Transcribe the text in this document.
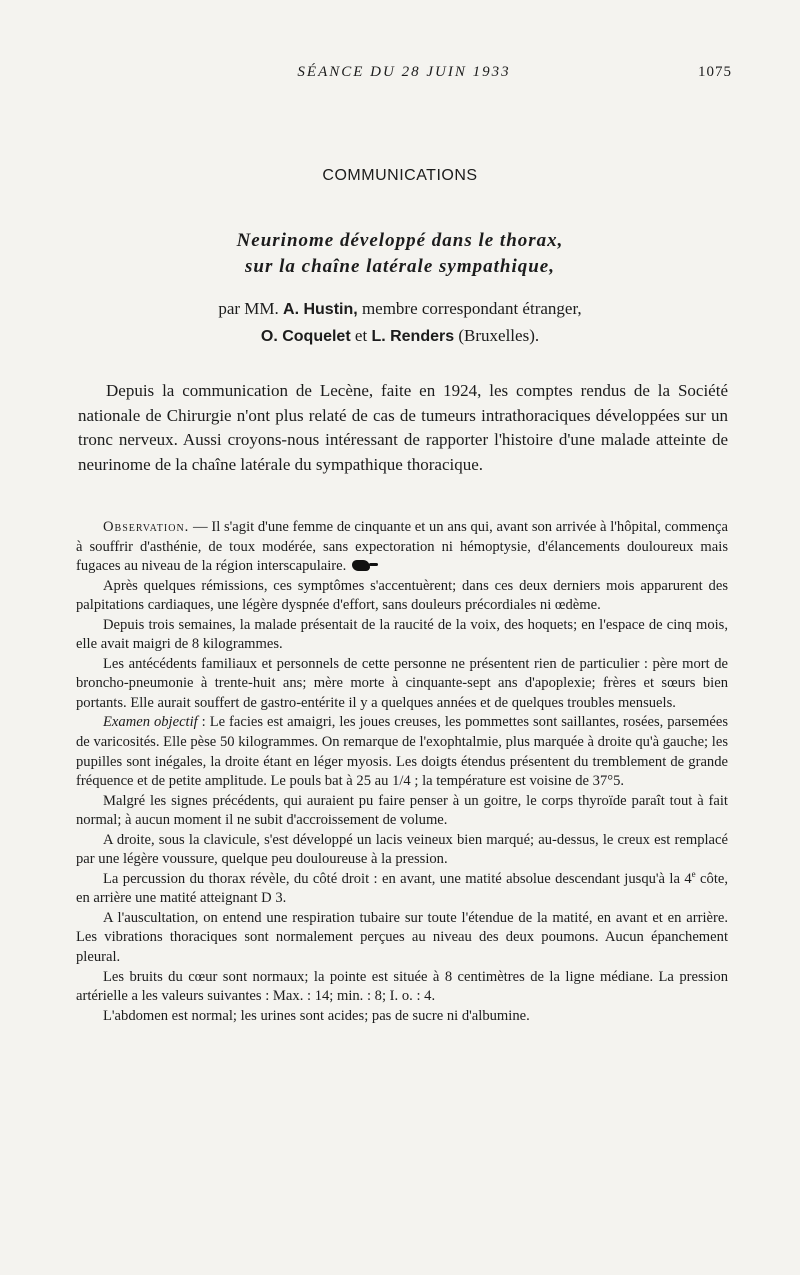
SÉANCE DU 28 JUIN 1933	1075
COMMUNICATIONS
Neurinome développé dans le thorax,
sur la chaîne latérale sympathique,
par MM. A. Hustin, membre correspondant étranger,
O. Coquelet et L. Renders (Bruxelles).

Depuis la communication de Lecène, faite en 1924, les comptes rendus de la Société nationale de Chirurgie n'ont plus relaté de cas de tumeurs intrathoraciques développées sur un tronc nerveux. Aussi croyons-nous intéressant de rapporter l'histoire d'une malade atteinte de neurinome de la chaîne latérale du sympathique thoracique.

Observation. — Il s'agit d'une femme de cinquante et un ans qui, avant son arrivée à l'hôpital, commença à souffrir d'asthénie, de toux modérée, sans expectoration ni hémoptysie, d'élancements douloureux mais fugaces au niveau de la région interscapulaire.

Après quelques rémissions, ces symptômes s'accentuèrent; dans ces deux derniers mois apparurent des palpitations cardiaques, une légère dyspnée d'effort, sans douleurs précordiales ni œdème.

Depuis trois semaines, la malade présentait de la raucité de la voix, des hoquets; en l'espace de cinq mois, elle avait maigri de 8 kilogrammes.

Les antécédents familiaux et personnels de cette personne ne présentent rien de particulier : père mort de broncho-pneumonie à trente-huit ans; mère morte à cinquante-sept ans d'apoplexie; frères et sœurs bien portants. Elle aurait souffert de gastro-entérite il y a quelques années et de quelques troubles mensuels.

Examen objectif : Le facies est amaigri, les joues creuses, les pommettes sont saillantes, rosées, parsemées de varicosités. Elle pèse 50 kilogrammes. On remarque de l'exophtalmie, plus marquée à droite qu'à gauche; les pupilles sont inégales, la droite étant en léger myosis. Les doigts étendus présentent du tremblement de grande fréquence et de petite amplitude. Le pouls bat à 25 au 1/4 ; la température est voisine de 37°5.

Malgré les signes précédents, qui auraient pu faire penser à un goitre, le corps thyroïde paraît tout à fait normal; à aucun moment il ne subit d'accroissement de volume.

A droite, sous la clavicule, s'est développé un lacis veineux bien marqué; au-dessus, le creux est remplacé par une légère voussure, quelque peu douloureuse à la pression.

La percussion du thorax révèle, du côté droit : en avant, une matité absolue descendant jusqu'à la 4e côte, en arrière une matité atteignant D 3.

A l'auscultation, on entend une respiration tubaire sur toute l'étendue de la matité, en avant et en arrière. Les vibrations thoraciques sont normalement perçues au niveau des deux poumons. Aucun épanchement pleural.

Les bruits du cœur sont normaux; la pointe est située à 8 centimètres de la ligne médiane. La pression artérielle a les valeurs suivantes : Max. : 14; min. : 8; I. o. : 4.

L'abdomen est normal; les urines sont acides; pas de sucre ni d'albumine.
